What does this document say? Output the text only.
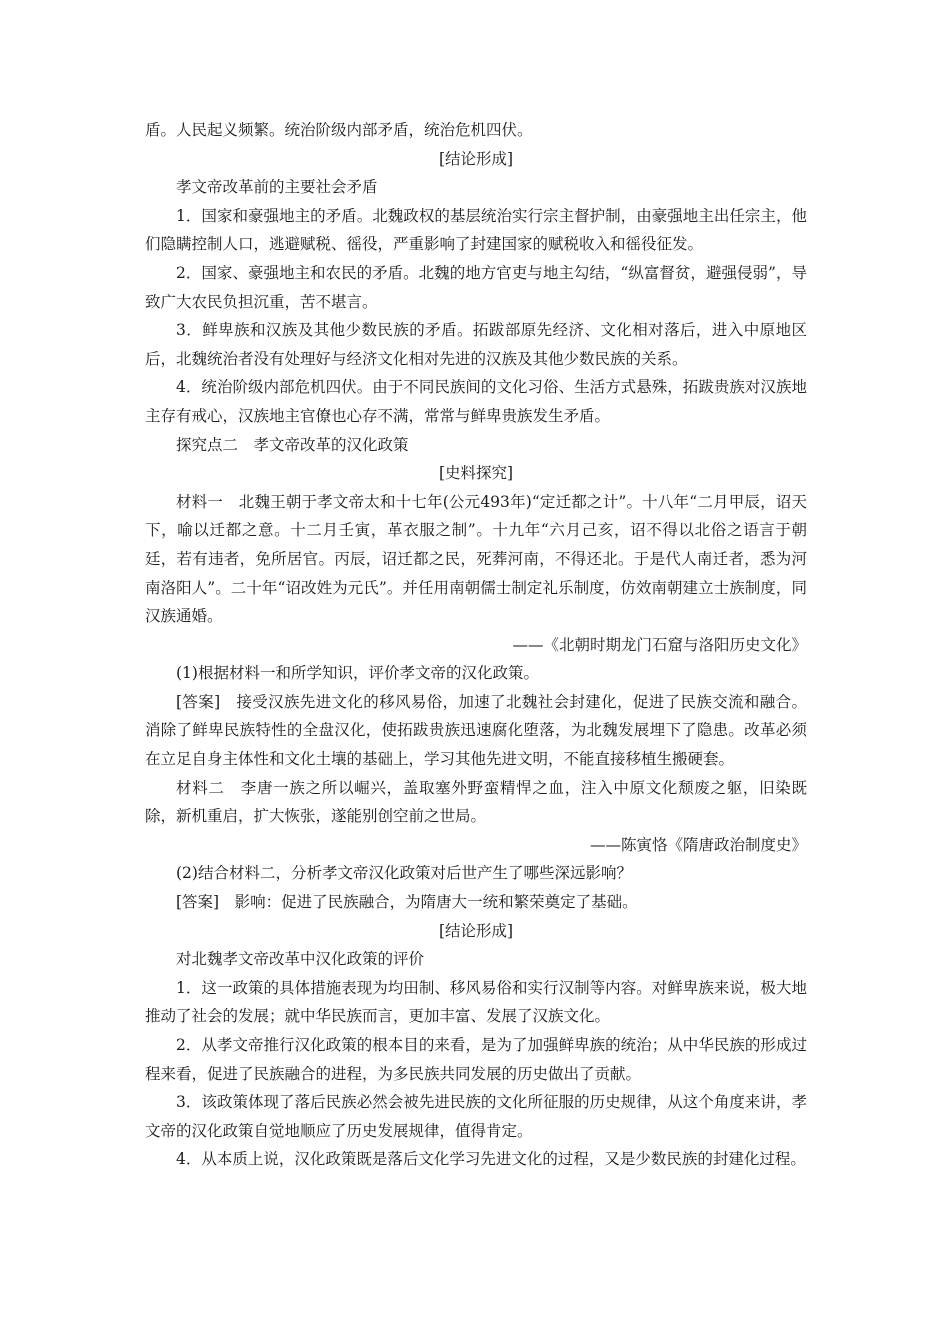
盾。人民起义频繁。统治阶级内部矛盾，统治危机四伏。

[结论形成]

孝文帝改革前的主要社会矛盾

1．国家和豪强地主的矛盾。北魏政权的基层统治实行宗主督护制，由豪强地主出任宗主，他们隐瞒控制人口，逃避赋税、徭役，严重影响了封建国家的赋税收入和徭役征发。

2．国家、豪强地主和农民的矛盾。北魏的地方官吏与地主勾结，“纵富督贫，避强侵弱”，导致广大农民负担沉重，苦不堪言。

3．鲜卑族和汉族及其他少数民族的矛盾。拓跋部原先经济、文化相对落后，进入中原地区后，北魏统治者没有处理好与经济文化相对先进的汉族及其他少数民族的关系。

4．统治阶级内部危机四伏。由于不同民族间的文化习俗、生活方式悬殊，拓跋贵族对汉族地主存有戒心，汉族地主官僚也心存不满，常常与鲜卑贵族发生矛盾。

探究点二　孝文帝改革的汉化政策

[史料探究]

材料一　北魏王朝于孝文帝太和十七年(公元493年)“定迁都之计”。十八年“二月甲辰，诏天下，喻以迁都之意。十二月壬寅，革衣服之制”。十九年“六月己亥，诏不得以北俗之语言于朝廷，若有违者，免所居官。丙辰，诏迁都之民，死葬河南，不得还北。于是代人南迁者，悉为河南洛阳人”。二十年“诏改姓为元氏”。并任用南朝儒士制定礼乐制度，仿效南朝建立士族制度，同汉族通婚。

——《北朝时期龙门石窟与洛阳历史文化》

(1)根据材料一和所学知识，评价孝文帝的汉化政策。

[答案]　接受汉族先进文化的移风易俗，加速了北魏社会封建化，促进了民族交流和融合。消除了鲜卑民族特性的全盘汉化，使拓跋贵族迅速腐化堕落，为北魏发展埋下了隐患。改革必须在立足自身主体性和文化土壤的基础上，学习其他先进文明，不能直接移植生搬硬套。

材料二　李唐一族之所以崛兴，盖取塞外野蛮精悍之血，注入中原文化颓废之躯，旧染既除，新机重启，扩大恢张，遂能别创空前之世局。

——陈寅恪《隋唐政治制度史》

(2)结合材料二，分析孝文帝汉化政策对后世产生了哪些深远影响？

[答案]　影响：促进了民族融合，为隋唐大一统和繁荣奠定了基础。

[结论形成]

对北魏孝文帝改革中汉化政策的评价

1．这一政策的具体措施表现为均田制、移风易俗和实行汉制等内容。对鲜卑族来说，极大地推动了社会的发展；就中华民族而言，更加丰富、发展了汉族文化。

2．从孝文帝推行汉化政策的根本目的来看，是为了加强鲜卑族的统治；从中华民族的形成过程来看，促进了民族融合的进程，为多民族共同发展的历史做出了贡献。

3．该政策体现了落后民族必然会被先进民族的文化所征服的历史规律，从这个角度来讲，孝文帝的汉化政策自觉地顺应了历史发展规律，值得肯定。

4．从本质上说，汉化政策既是落后文化学习先进文化的过程，又是少数民族的封建化过程。
